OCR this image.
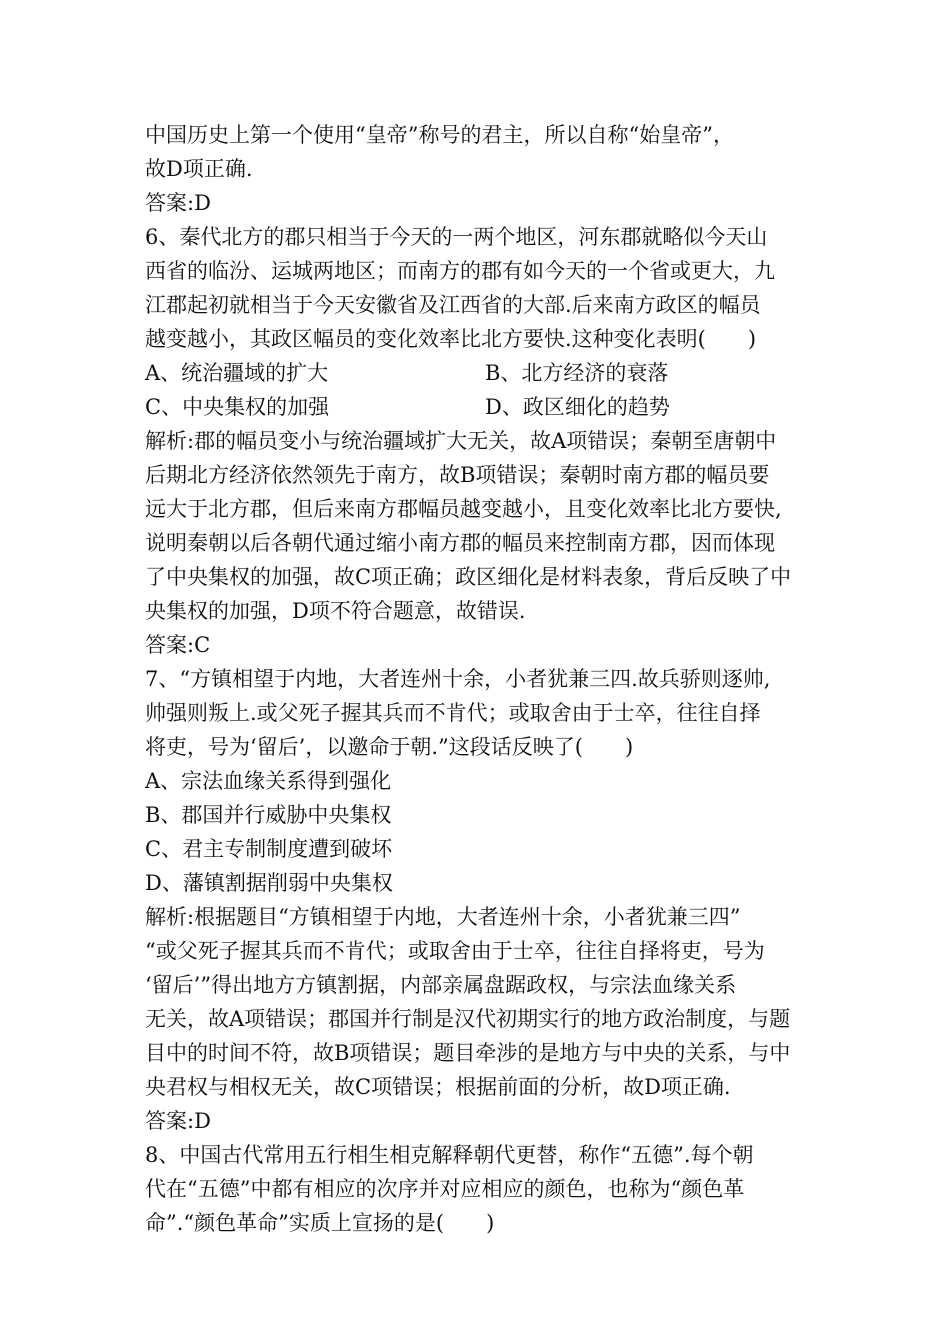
中国历史上第一个使用“皇帝”称号的君主，所以自称“始皇帝”，
故D项正确.
答案:D
6、秦代北方的郡只相当于今天的一两个地区，河东郡就略似今天山
西省的临汾、运城两地区；而南方的郡有如今天的一个省或更大，九
江郡起初就相当于今天安徽省及江西省的大部.后来南方政区的幅员
越变越小，其政区幅员的变化效率比北方要快.这种变化表明(　　)
A、统治疆域的扩大	B、北方经济的衰落
C、中央集权的加强	D、政区细化的趋势
解析:郡的幅员变小与统治疆域扩大无关，故A项错误；秦朝至唐朝中
后期北方经济依然领先于南方，故B项错误；秦朝时南方郡的幅员要
远大于北方郡，但后来南方郡幅员越变越小，且变化效率比北方要快,
说明秦朝以后各朝代通过缩小南方郡的幅员来控制南方郡，因而体现
了中央集权的加强，故C项正确；政区细化是材料表象，背后反映了中
央集权的加强，D项不符合题意，故错误.
答案:C
7、“方镇相望于内地，大者连州十余，小者犹兼三四.故兵骄则逐帅,
帅强则叛上.或父死子握其兵而不肯代；或取舍由于士卒，往往自择
将吏，号为‘留后’，以邀命于朝.”这段话反映了(　　)
A、宗法血缘关系得到强化
B、郡国并行威胁中央集权
C、君主专制制度遭到破坏
D、藩镇割据削弱中央集权
解析:根据题目“方镇相望于内地，大者连州十余，小者犹兼三四”
“或父死子握其兵而不肯代；或取舍由于士卒，往往自择将吏，号为
‘留后’”得出地方方镇割据，内部亲属盘踞政权，与宗法血缘关系
无关，故A项错误；郡国并行制是汉代初期实行的地方政治制度，与题
目中的时间不符，故B项错误；题目牵涉的是地方与中央的关系，与中
央君权与相权无关，故C项错误；根据前面的分析，故D项正确.
答案:D
8、中国古代常用五行相生相克解释朝代更替，称作“五德”.每个朝
代在“五德”中都有相应的次序并对应相应的颜色，也称为“颜色革
命”.“颜色革命”实质上宣扬的是(　　)
